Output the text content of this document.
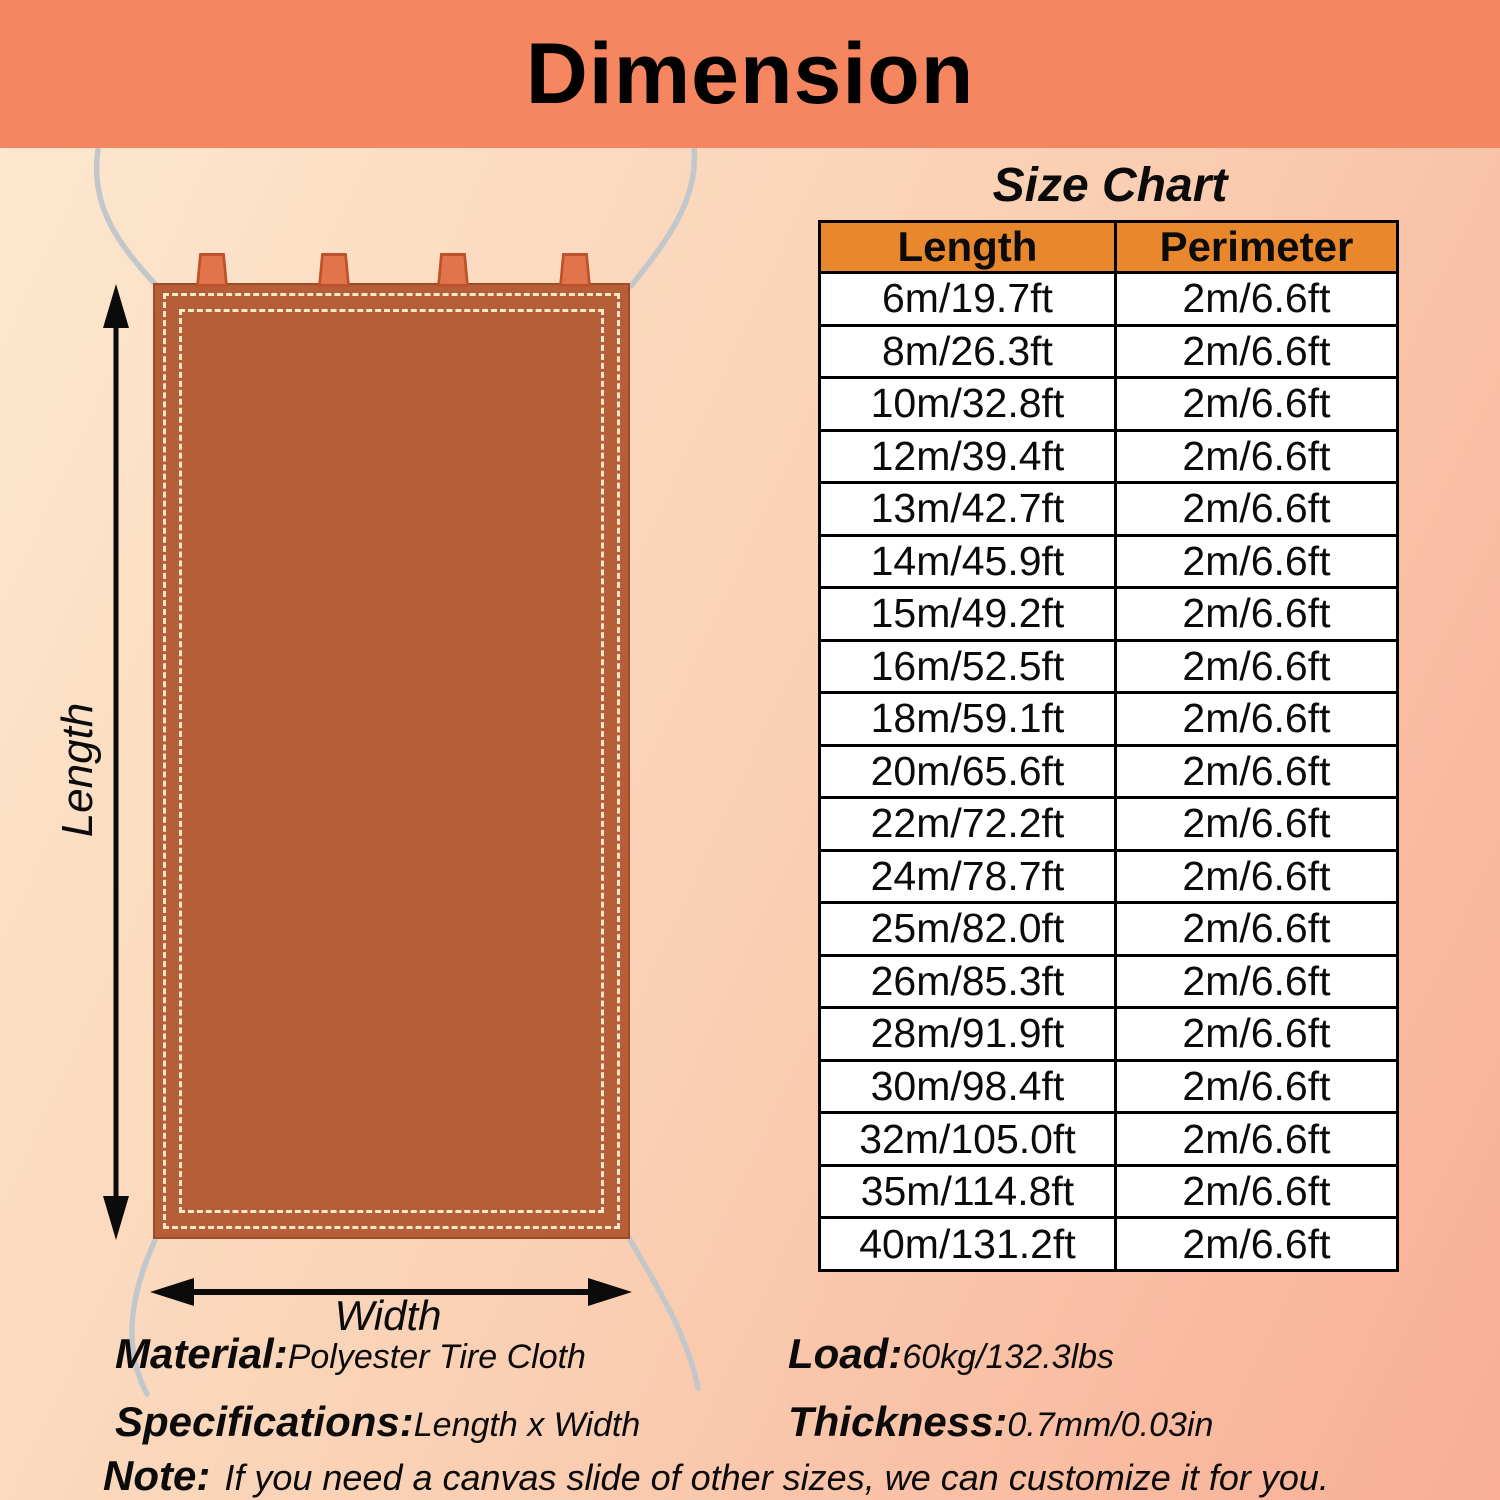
Dimension
Length
Width
Size Chart
Length	Perimeter
6m/19.7ft	2m/6.6ft
8m/26.3ft	2m/6.6ft
10m/32.8ft	2m/6.6ft
12m/39.4ft	2m/6.6ft
13m/42.7ft	2m/6.6ft
14m/45.9ft	2m/6.6ft
15m/49.2ft	2m/6.6ft
16m/52.5ft	2m/6.6ft
18m/59.1ft	2m/6.6ft
20m/65.6ft	2m/6.6ft
22m/72.2ft	2m/6.6ft
24m/78.7ft	2m/6.6ft
25m/82.0ft	2m/6.6ft
26m/85.3ft	2m/6.6ft
28m/91.9ft	2m/6.6ft
30m/98.4ft	2m/6.6ft
32m/105.0ft	2m/6.6ft
35m/114.8ft	2m/6.6ft
40m/131.2ft	2m/6.6ft
Material: Polyester Tire Cloth	Load: 60kg/132.3lbs
Specifications: Length x Width	Thickness: 0.7mm/0.03in
Note: If you need a canvas slide of other sizes, we can customize it for you.
